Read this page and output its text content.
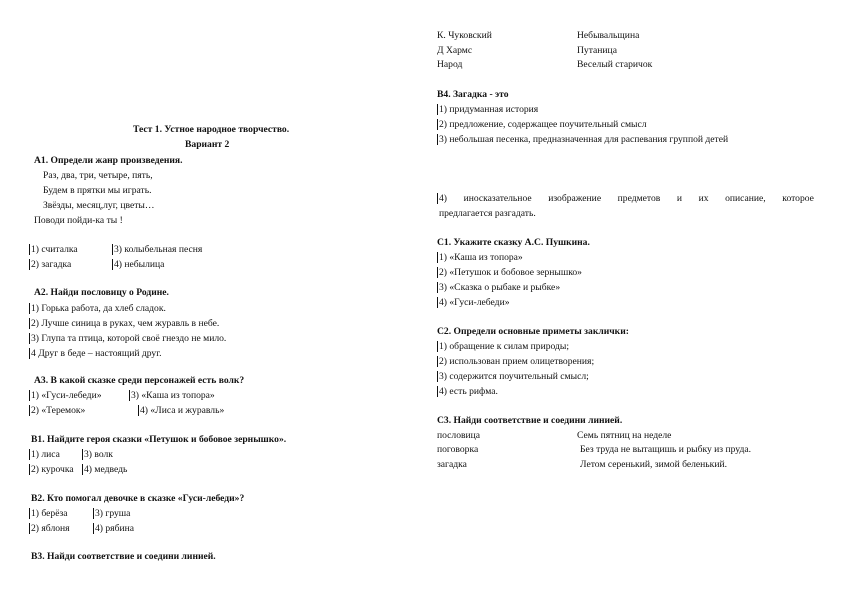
Тест 1. Устное народное творчество.
Вариант 2
А1. Определи жанр произведения.
Раз, два, три, четыре, пять,
Будем в прятки мы играть.
Звёзды, месяц,луг, цветы…
Поводи пойди-ка ты !
1) считалка	3) колыбельная песня
2) загадка	4) небылица
А2. Найди пословицу о Родине.
1) Горька работа, да хлеб сладок.
2) Лучше синица в руках, чем журавль в небе.
3) Глупа та птица, которой своё гнездо не мило.
4 Друг в беде – настоящий друг.
А3. В какой сказке среди персонажей есть волк?
1) «Гуси-лебеди»	3) «Каша из топора»
2) «Теремок»	4) «Лиса и журавль»
В1. Найдите героя сказки «Петушок и бобовое зернышко».
1) лиса	3) волк
2) курочка 4) медведь
В2. Кто помогал девочке в сказке «Гуси-лебеди»?
1) берёза	3) груша
2) яблоня	4) рябина
В3. Найди соответствие и соедини линией.
К. Чуковский	Небывальщина
Д Хармс	Путаница
Народ	Веселый старичок
В4. Загадка - это
1) придуманная история
2) предложение, содержащее поучительный смысл
3) небольшая песенка, предназначенная для распевания группой детей
4) иносказательное изображение предметов и их описание, которое
предлагается разгадать.
С1. Укажите сказку А.С. Пушкина.
1) «Каша из топора»
2) «Петушок и бобовое зернышко»
3) «Сказка о рыбаке и рыбке»
4) «Гуси-лебеди»
С2. Определи основные приметы заклички:
1) обращение к силам природы;
2) использован прием олицетворения;
3) содержится поучительный смысл;
4) есть рифма.
С3. Найди соответствие и соедини линией.
пословица	Семь пятниц на неделе
поговорка	Без труда не вытащишь и рыбку из пруда.
загадка	Летом серенький, зимой беленький.
